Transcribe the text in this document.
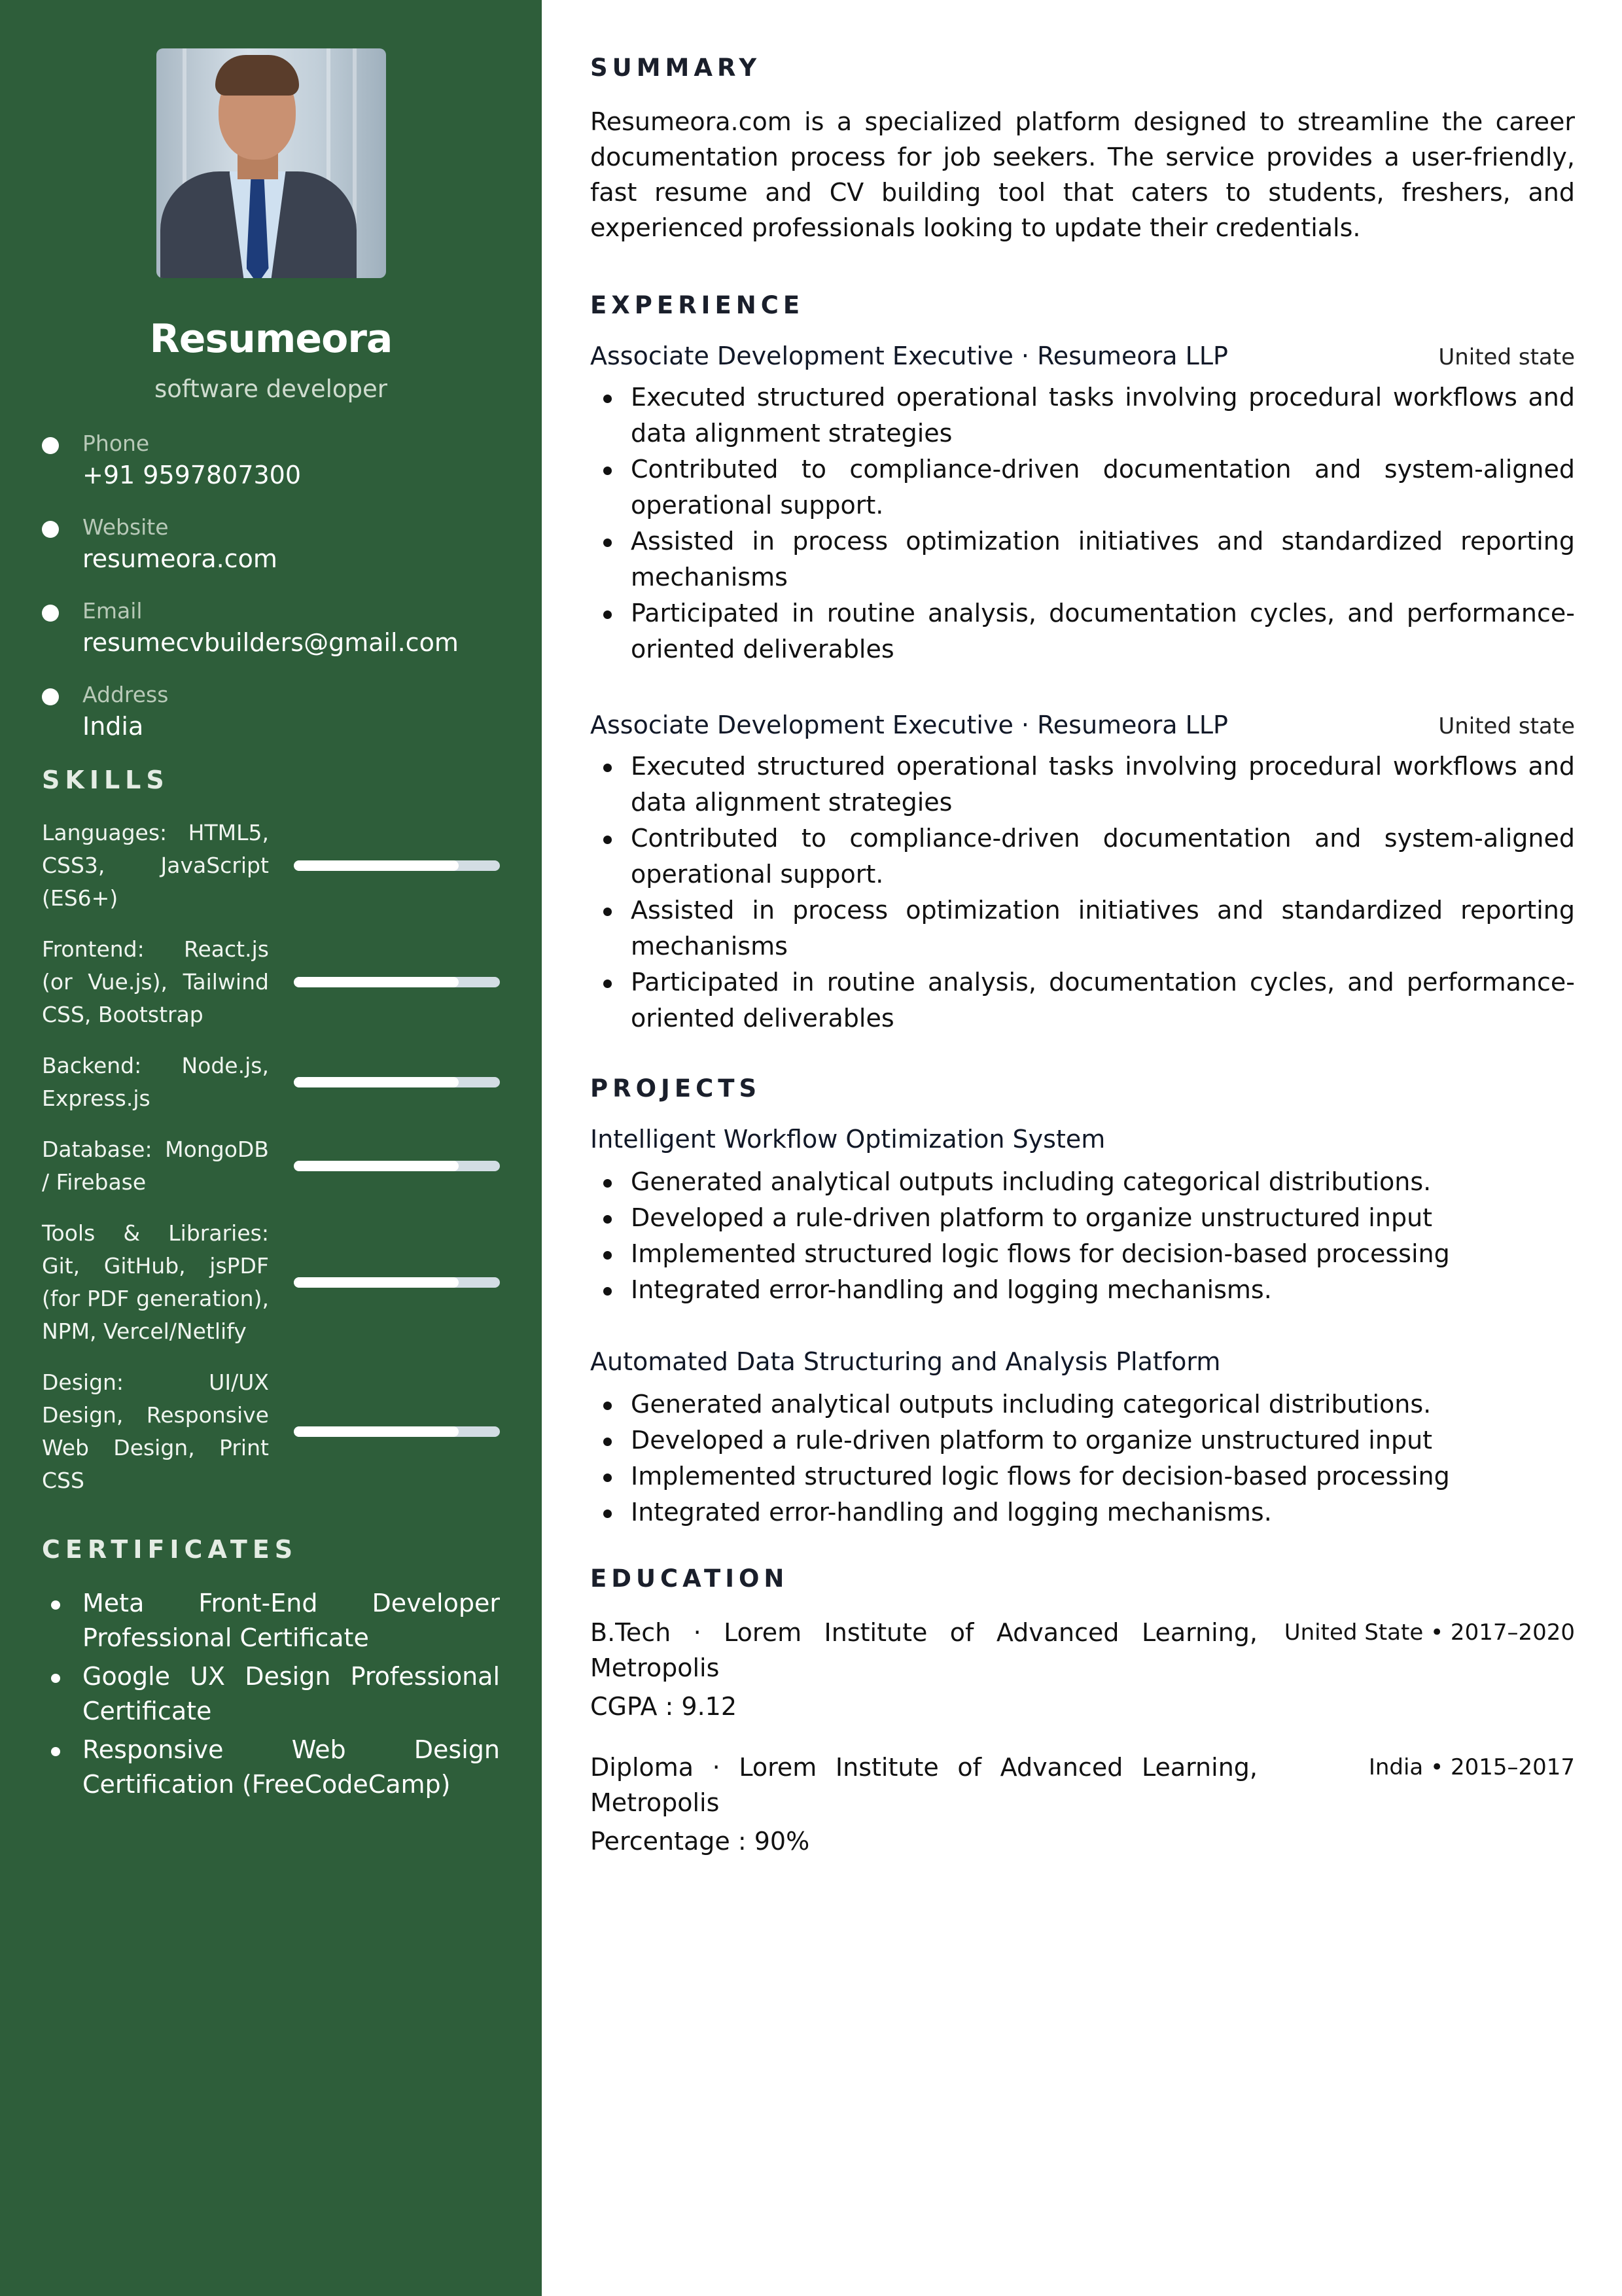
Resumeora
software developer
Phone
+91 9597807300
Website
resumeora.com
Email
resumecvbuilders@gmail.com
Address
India
SKILLS
Languages: HTML5, CSS3, JavaScript (ES6+)
Frontend: React.js (or Vue.js), Tailwind CSS, Bootstrap
Backend: Node.js, Express.js
Database: MongoDB / Firebase
Tools & Libraries: Git, GitHub, jsPDF (for PDF generation), NPM, Vercel/Netlify
Design: UI/UX Design, Responsive Web Design, Print CSS
CERTIFICATES
Meta Front-End Developer Professional Certificate
Google UX Design Professional Certificate
Responsive Web Design Certification (FreeCodeCamp)
SUMMARY

Resumeora.com is a specialized platform designed to streamline the career documentation process for job seekers. The service provides a user-friendly, fast resume and CV building tool that caters to students, freshers, and experienced professionals looking to update their credentials.

EXPERIENCE
Associate Development Executive · Resumeora LLP	United state
Executed structured operational tasks involving procedural workflows and data alignment strategies
Contributed to compliance-driven documentation and system-aligned operational support.
Assisted in process optimization initiatives and standardized reporting mechanisms
Participated in routine analysis, documentation cycles, and performance-oriented deliverables
Associate Development Executive · Resumeora LLP	United state
Executed structured operational tasks involving procedural workflows and data alignment strategies
Contributed to compliance-driven documentation and system-aligned operational support.
Assisted in process optimization initiatives and standardized reporting mechanisms
Participated in routine analysis, documentation cycles, and performance-oriented deliverables
PROJECTS
Intelligent Workflow Optimization System
Generated analytical outputs including categorical distributions.
Developed a rule-driven platform to organize unstructured input
Implemented structured logic flows for decision-based processing
Integrated error-handling and logging mechanisms.
Automated Data Structuring and Analysis Platform
Generated analytical outputs including categorical distributions.
Developed a rule-driven platform to organize unstructured input
Implemented structured logic flows for decision-based processing
Integrated error-handling and logging mechanisms.
EDUCATION
B.Tech · Lorem Institute of Advanced Learning, Metropolis
United State • 2017–2020
CGPA : 9.12
Diploma · Lorem Institute of Advanced Learning, Metropolis
India • 2015–2017
Percentage : 90%
